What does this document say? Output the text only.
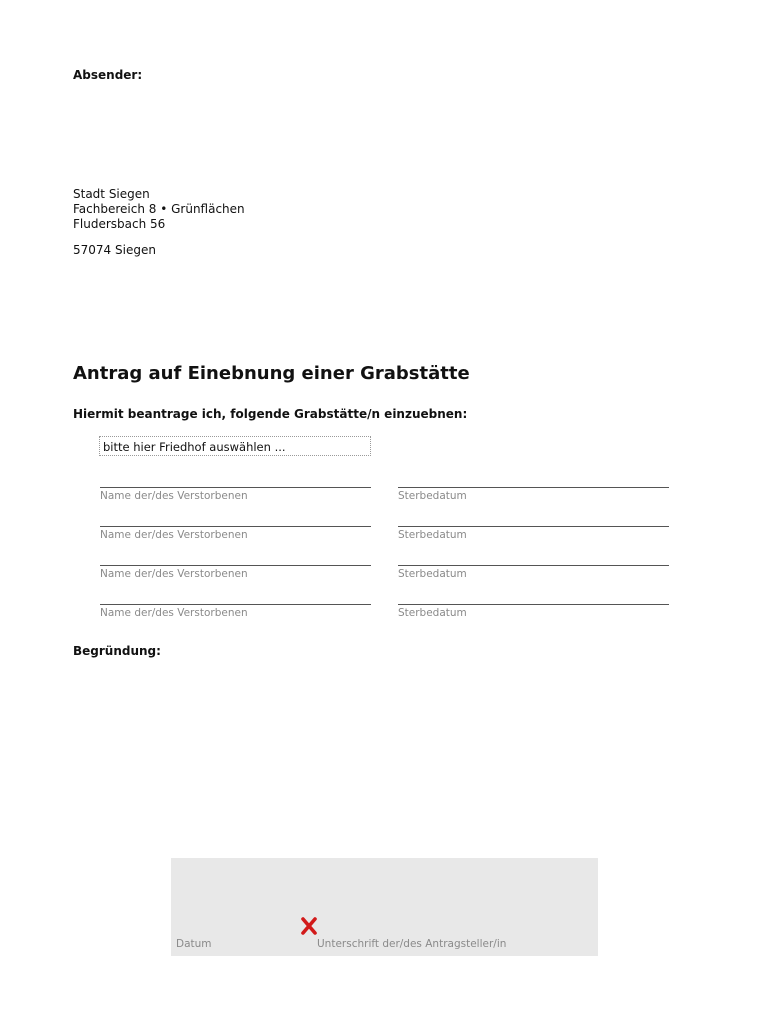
Absender:
Stadt Siegen
Fachbereich 8 • Grünflächen
Fludersbach 56
57074 Siegen
Antrag auf Einebnung einer Grabstätte
Hiermit beantrage ich, folgende Grabstätte/n einzuebnen:
bitte hier Friedhof auswählen ...
Name der/des Verstorbenen	Sterbedatum
Name der/des Verstorbenen	Sterbedatum
Name der/des Verstorbenen	Sterbedatum
Name der/des Verstorbenen	Sterbedatum
Begründung:
Datum	Unterschrift der/des Antragsteller/in
